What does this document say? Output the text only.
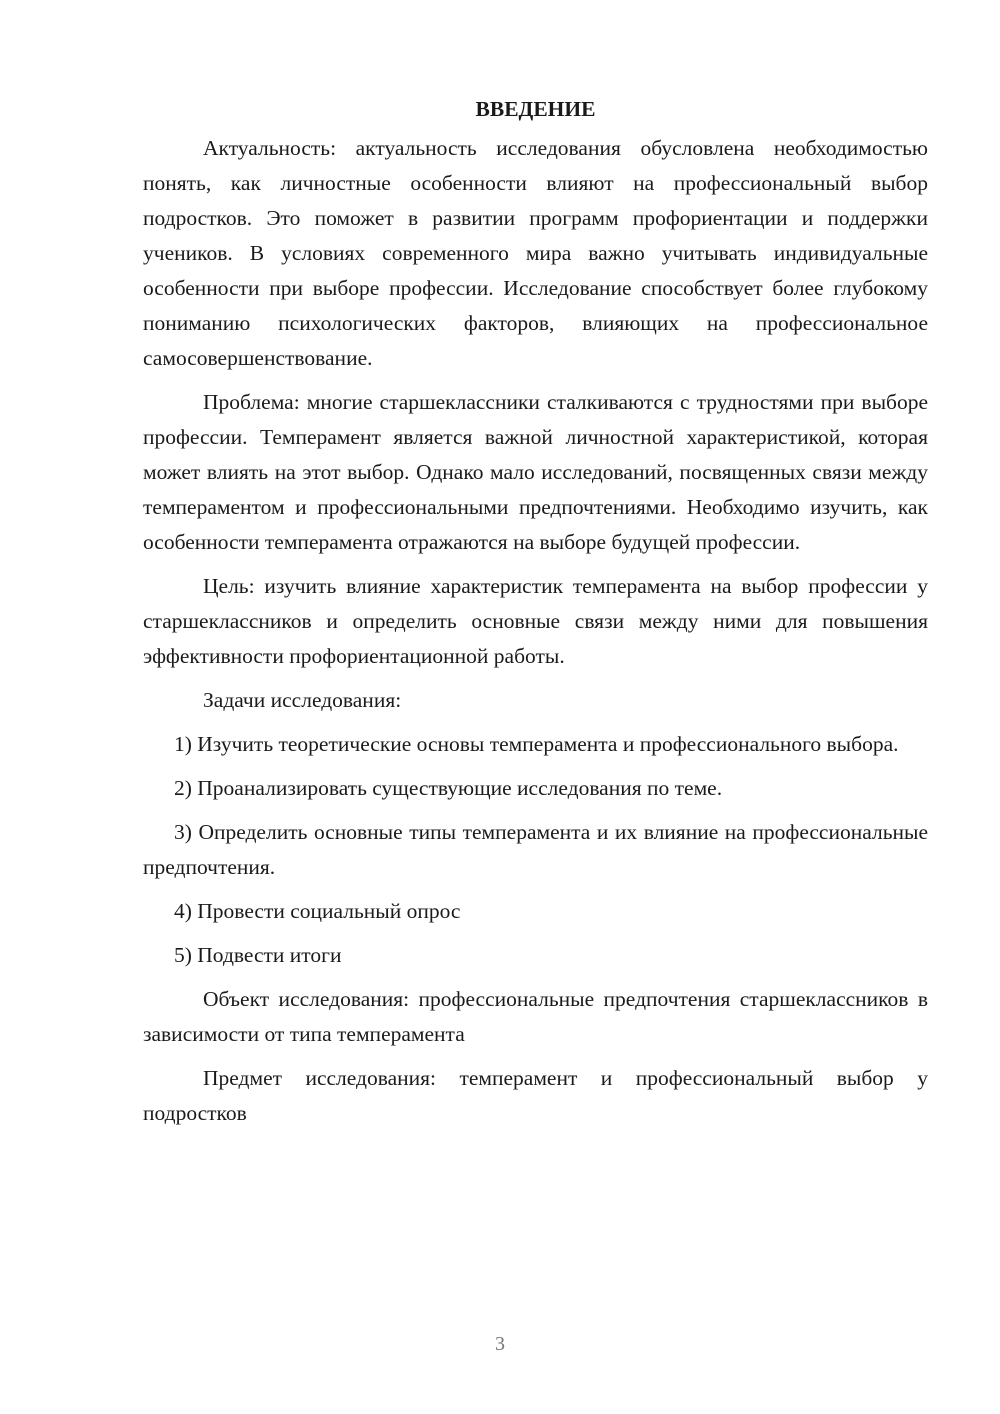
ВВЕДЕНИЕ

Актуальность: актуальность исследования обусловлена необходимостью понять, как личностные особенности влияют на профессиональный выбор подростков. Это поможет в развитии программ профориентации и поддержки учеников. В условиях современного мира важно учитывать индивидуальные особенности при выборе профессии. Исследование способствует более глубокому пониманию психологических факторов, влияющих на профессиональное самосовершенствование.

Проблема: многие старшеклассники сталкиваются с трудностями при выборе профессии. Темперамент является важной личностной характеристикой, которая может влиять на этот выбор. Однако мало исследований, посвященных связи между темпераментом и профессиональными предпочтениями. Необходимо изучить, как особенности темперамента отражаются на выборе будущей профессии.

Цель: изучить влияние характеристик темперамента на выбор профессии у старшеклассников и определить основные связи между ними для повышения эффективности профориентационной работы.

Задачи исследования:

1) Изучить теоретические основы темперамента и профессионального выбора.

2) Проанализировать существующие исследования по теме.

3) Определить основные типы темперамента и их влияние на профессиональные предпочтения.

4) Провести социальный опрос

5) Подвести итоги

Объект исследования: профессиональные предпочтения старшеклассников в зависимости от типа темперамента

Предмет исследования: темперамент и профессиональный выбор у подростков

3
